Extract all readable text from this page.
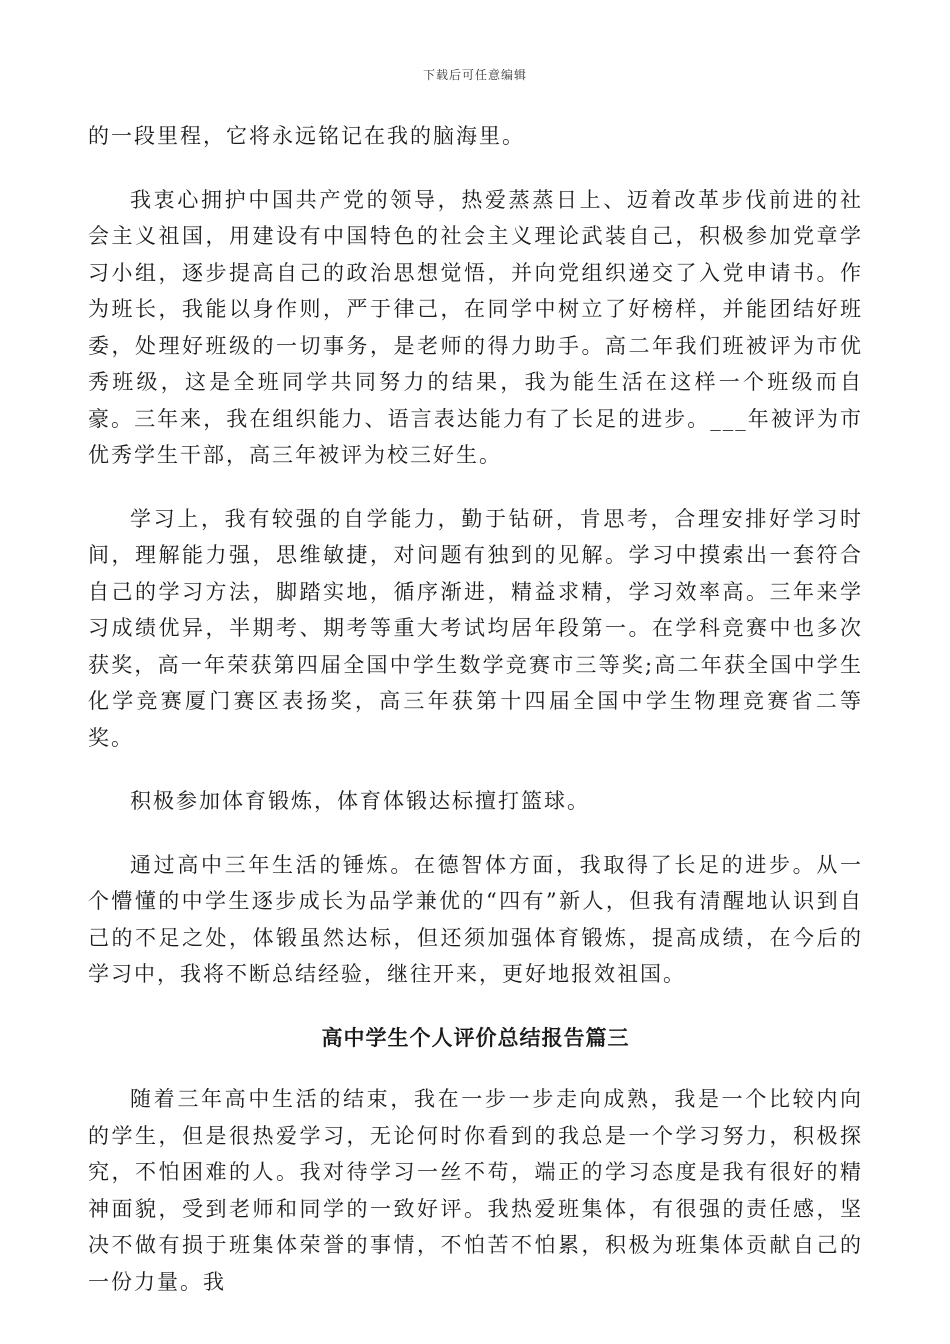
下载后可任意编辑

的一段里程，它将永远铭记在我的脑海里。

我衷心拥护中国共产党的领导，热爱蒸蒸日上、迈着改革步伐前进的社会主义祖国，用建设有中国特色的社会主义理论武装自己，积极参加党章学习小组，逐步提高自己的政治思想觉悟，并向党组织递交了入党申请书。作为班长，我能以身作则，严于律己，在同学中树立了好榜样，并能团结好班委，处理好班级的一切事务，是老师的得力助手。高二年我们班被评为市优秀班级，这是全班同学共同努力的结果，我为能生活在这样一个班级而自豪。三年来，我在组织能力、语言表达能力有了长足的进步。___年被评为市优秀学生干部，高三年被评为校三好生。

学习上，我有较强的自学能力，勤于钻研，肯思考，合理安排好学习时间，理解能力强，思维敏捷，对问题有独到的见解。学习中摸索出一套符合自己的学习方法，脚踏实地，循序渐进，精益求精，学习效率高。三年来学习成绩优异，半期考、期考等重大考试均居年段第一。在学科竞赛中也多次获奖，高一年荣获第四届全国中学生数学竞赛市三等奖;高二年获全国中学生化学竞赛厦门赛区表扬奖，高三年获第十四届全国中学生物理竞赛省二等奖。

积极参加体育锻炼，体育体锻达标擅打篮球。

通过高中三年生活的锤炼。在德智体方面，我取得了长足的进步。从一个懵懂的中学生逐步成长为品学兼优的“四有”新人，但我有清醒地认识到自己的不足之处，体锻虽然达标，但还须加强体育锻炼，提高成绩，在今后的学习中，我将不断总结经验，继往开来，更好地报效祖国。

高中学生个人评价总结报告篇三

随着三年高中生活的结束，我在一步一步走向成熟，我是一个比较内向的学生，但是很热爱学习，无论何时你看到的我总是一个学习努力，积极探究，不怕困难的人。我对待学习一丝不苟，端正的学习态度是我有很好的精神面貌，受到老师和同学的一致好评。我热爱班集体，有很强的责任感，坚决不做有损于班集体荣誉的事情，不怕苦不怕累，积极为班集体贡献自己的一份力量。我
